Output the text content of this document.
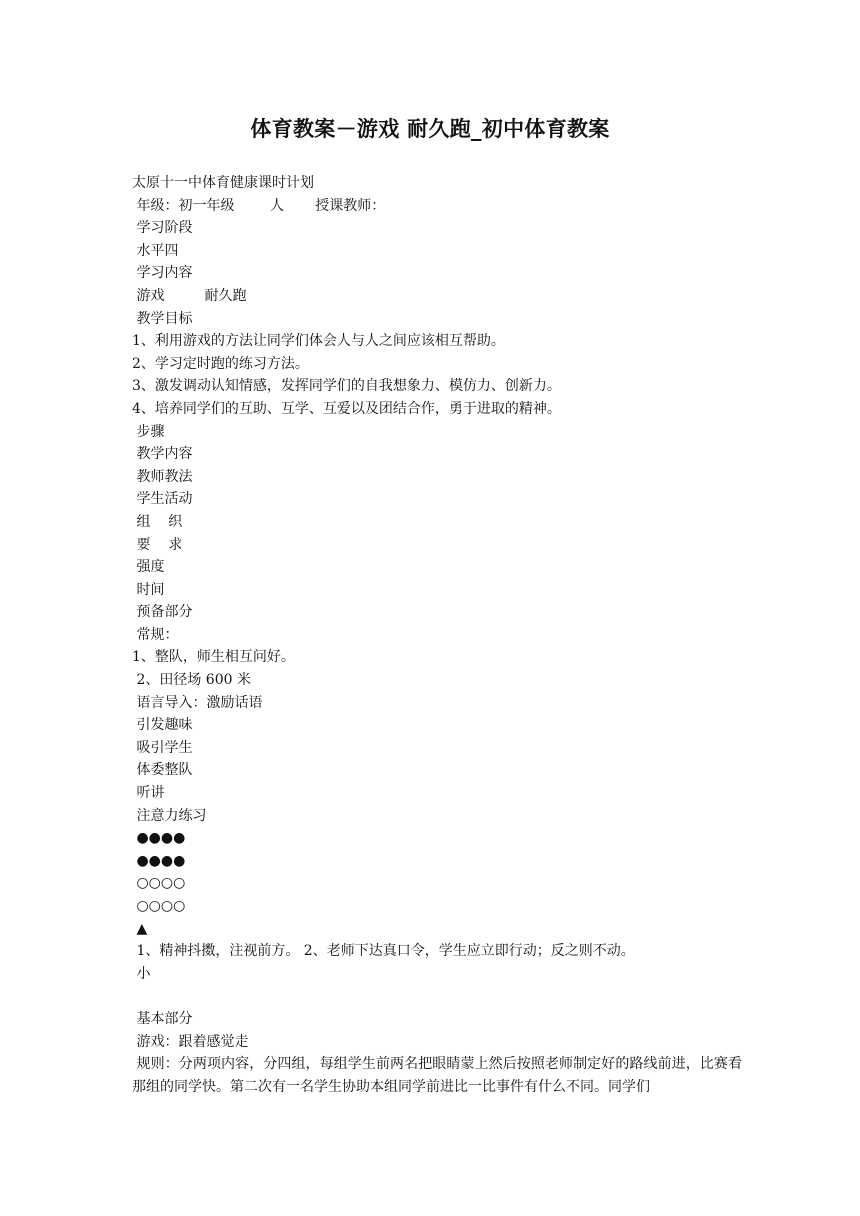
体育教案－游戏 耐久跑_初中体育教案
太原十一中体育健康课时计划
年级：初一年级        人       授课教师：
学习阶段
水平四
学习内容
游戏         耐久跑
教学目标
1、利用游戏的方法让同学们体会人与人之间应该相互帮助。
2、学习定时跑的练习方法。
3、激发调动认知情感，发挥同学们的自我想象力、模仿力、创新力。
4、培养同学们的互助、互学、互爱以及团结合作，勇于进取的精神。
步骤
教学内容
教师教法
学生活动
组    织
要    求
强度
时间
预备部分
常规：
1、整队，师生相互问好。
2、田径场 600 米
语言导入：激励话语
引发趣味
吸引学生
体委整队
听讲
注意力练习
●●●●
●●●●
○○○○
○○○○
▲
1、精神抖擞，注视前方。 2、老师下达真口令，学生应立即行动；反之则不动。
小
基本部分
游戏：跟着感觉走
规则：分两项内容，分四组，每组学生前两名把眼睛蒙上然后按照老师制定好的路线前进，比赛看那组的同学快。第二次有一名学生协助本组同学前进比一比事件有什么不同。同学们
